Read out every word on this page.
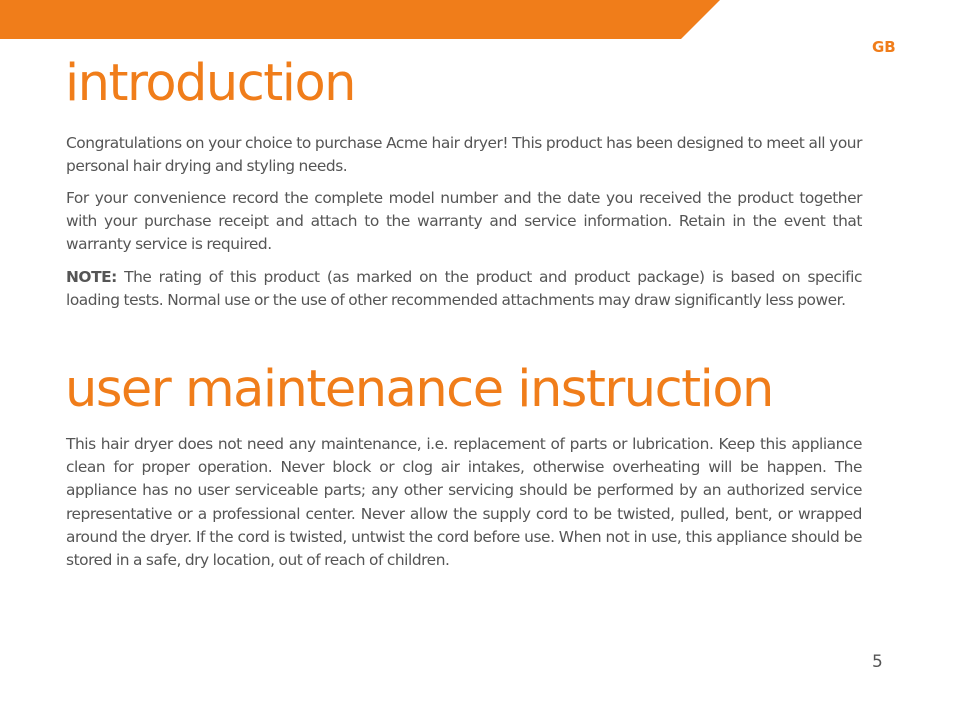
GB
introduction

Congratulations on your choice to purchase Acme hair dryer! This product has been designed to meet all your personal hair drying and styling needs.

For your convenience record the complete model number and the date you received the product together with your purchase receipt and attach to the warranty and service information. Retain in the event that warranty service is required.

NOTE: The rating of this product (as marked on the product and product package) is based on specific loading tests. Normal use or the use of other recommended attachments may draw significantly less power.

user maintenance instruction

This hair dryer does not need any maintenance, i.e. replacement of parts or lubrication. Keep this appliance clean for proper operation. Never block or clog air intakes, otherwise overheating will be happen. The appliance has no user serviceable parts; any other servicing should be performed by an authorized service representative or a professional center. Never allow the supply cord to be twisted, pulled, bent, or wrapped around the dryer. If the cord is twisted, untwist the cord before use. When not in use, this appliance should be stored in a safe, dry location, out of reach of children.

5
